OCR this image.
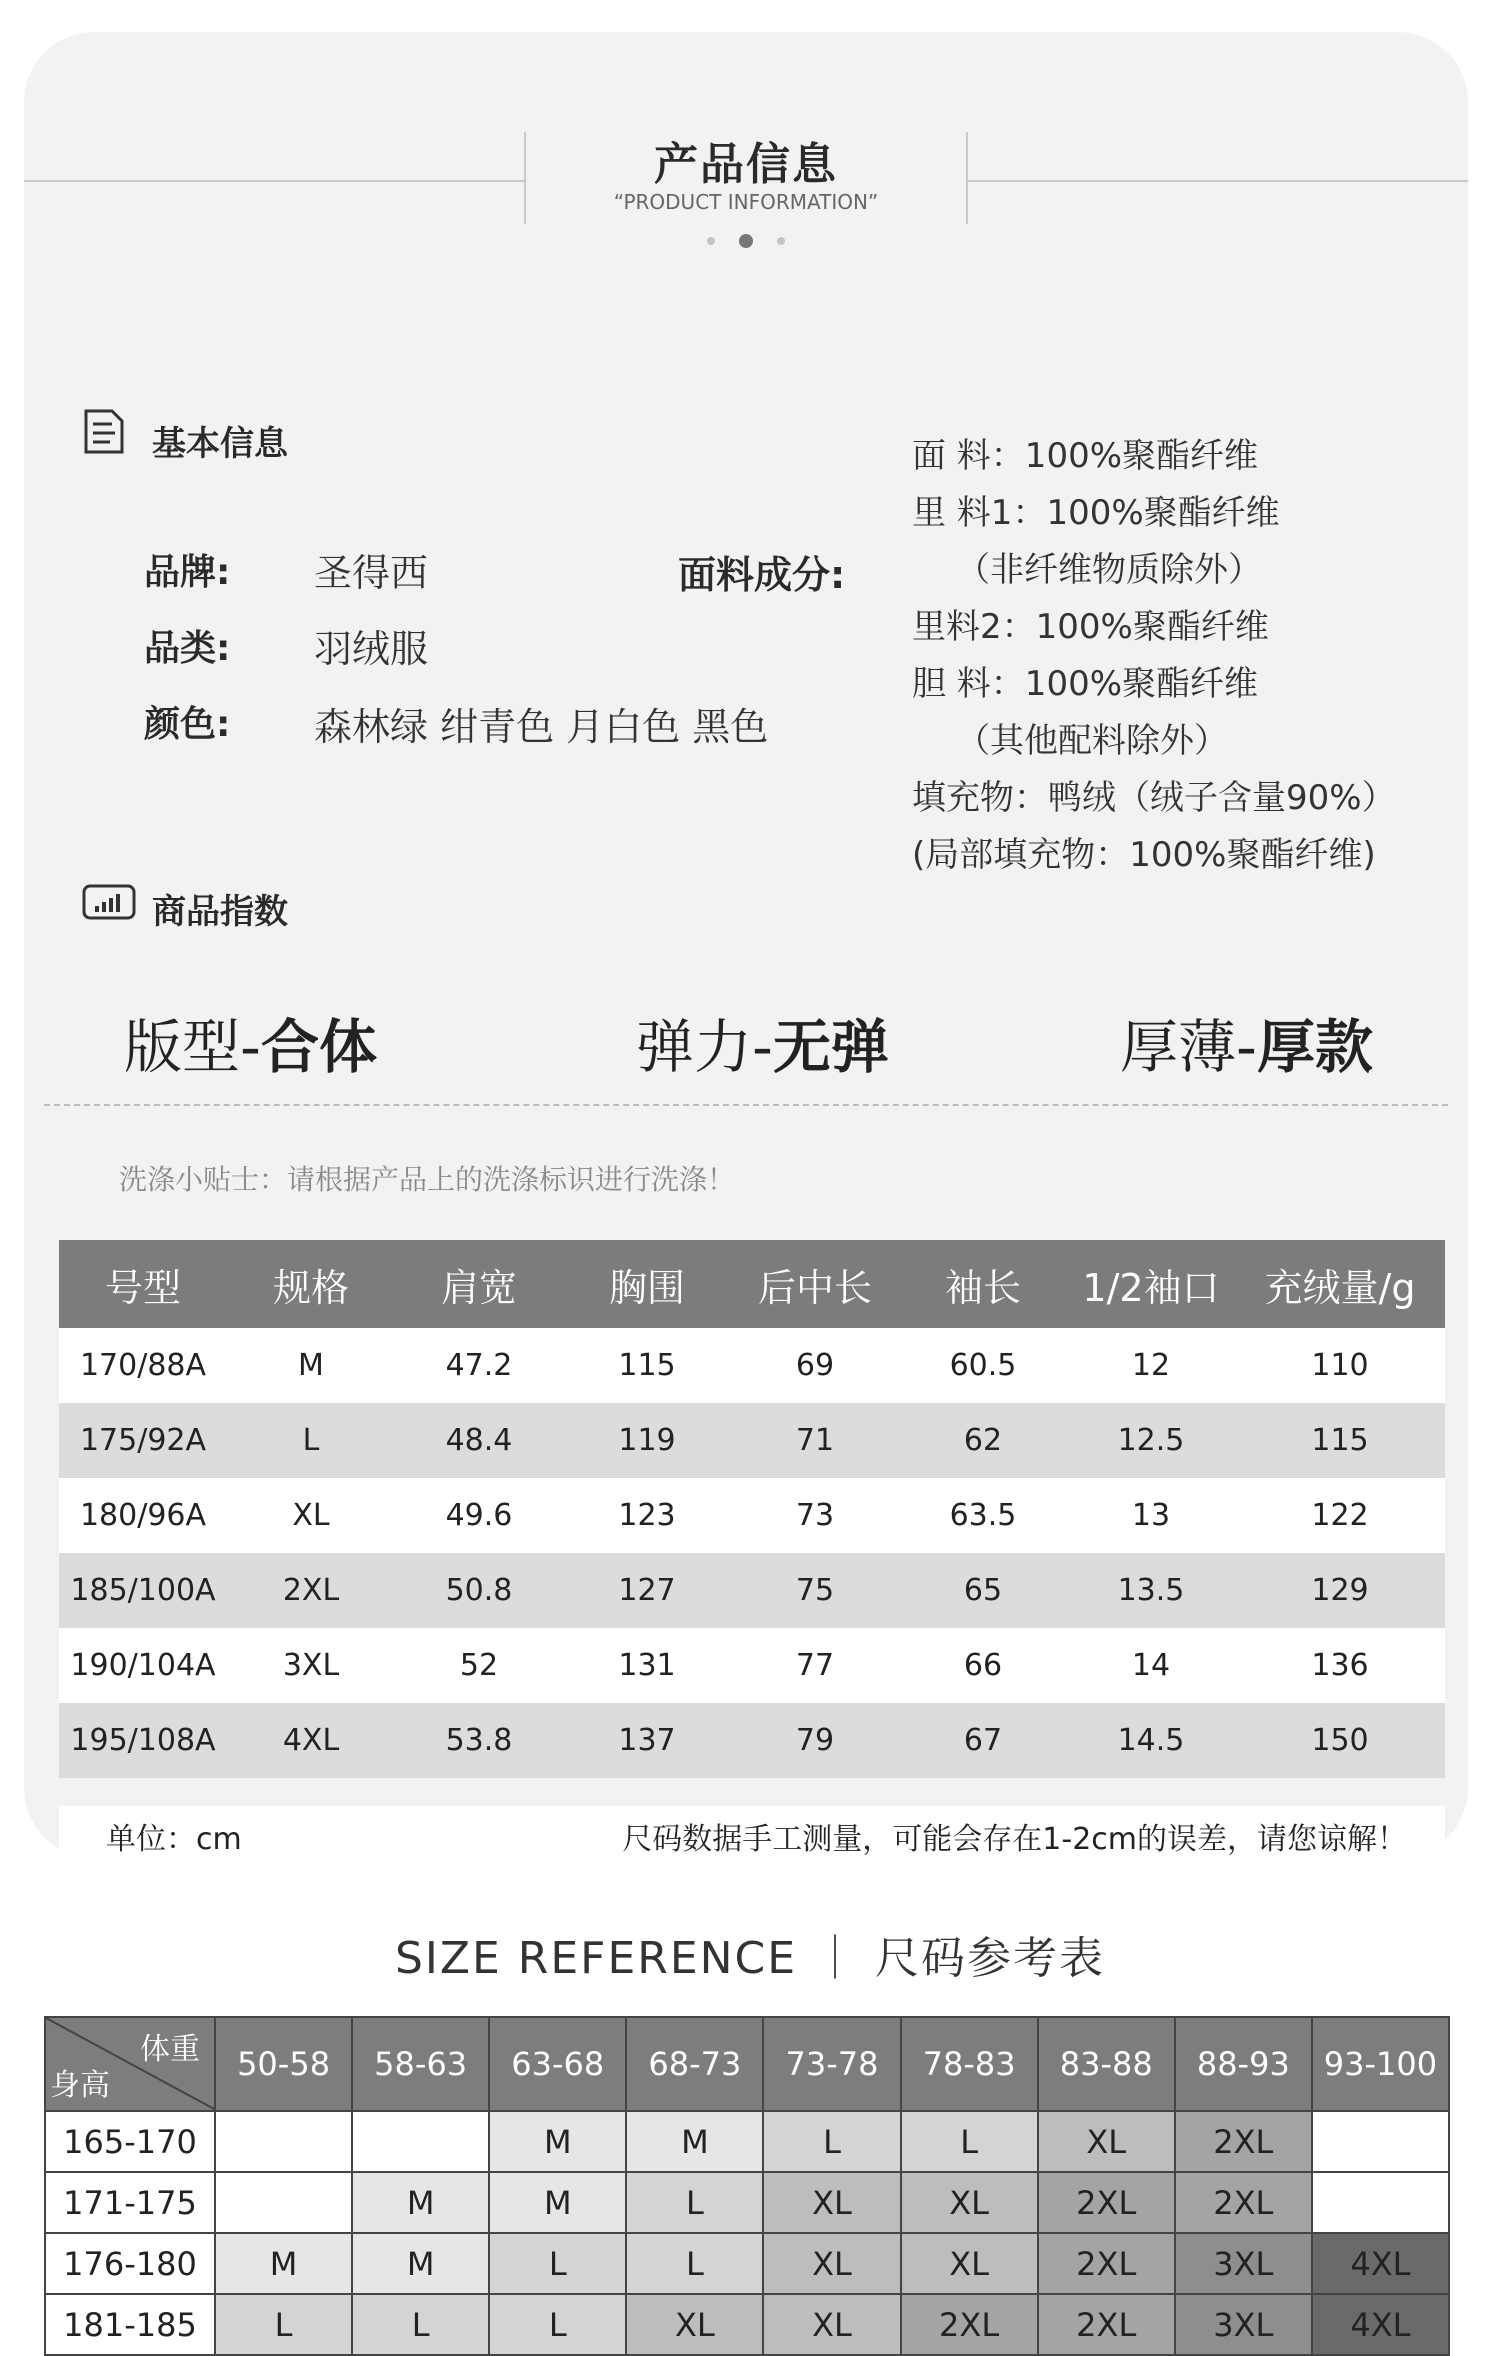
产品信息
“PRODUCT INFORMATION”
基本信息
品牌: 圣得西
品类: 羽绒服
颜色: 森林绿 绀青色 月白色 黑色
面料成分:
面 料：100%聚酯纤维
里 料1：100%聚酯纤维
（非纤维物质除外）
里料2：100%聚酯纤维
胆 料：100%聚酯纤维
（其他配料除外）
填充物：鸭绒（绒子含量90%）
(局部填充物：100%聚酯纤维)
商品指数
版型-合体	弹力-无弹	厚薄-厚款
洗涤小贴士：请根据产品上的洗涤标识进行洗涤！
号型	规格	肩宽	胸围	后中长	袖长	1/2袖口	充绒量/g
170/88A	M	47.2	115	69	60.5	12	110
175/92A	L	48.4	119	71	62	12.5	115
180/96A	XL	49.6	123	73	63.5	13	122
185/100A	2XL	50.8	127	75	65	13.5	129
190/104A	3XL	52	131	77	66	14	136
195/108A	4XL	53.8	137	79	67	14.5	150
单位：cm	尺码数据手工测量，可能会存在1-2cm的误差，请您谅解！
SIZE REFERENCE ｜ 尺码参考表
体重
身高	50-58	58-63	63-68	68-73	73-78	78-83	83-88	88-93	93-100
165-170			M	M	L	L	XL	2XL	
171-175		M	M	L	XL	XL	2XL	2XL	
176-180	M	M	L	L	XL	XL	2XL	3XL	4XL
181-185	L	L	L	XL	XL	2XL	2XL	3XL	4XL
